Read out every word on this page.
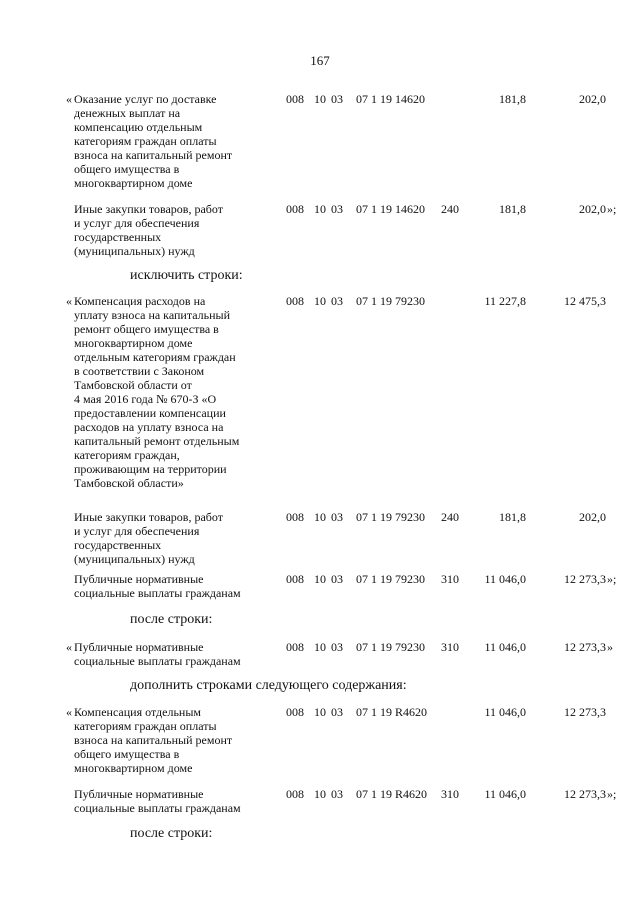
167
« Оказание услуг по доставке
денежных выплат на
компенсацию отдельным
категориям граждан оплаты
взноса на капитальный ремонт
общего имущества в
многоквартирном доме
008 10 03 07 1 19 14620	181,8	202,0
Иные закупки товаров, работ
и услуг для обеспечения
государственных
(муниципальных) нужд
008 10 03 07 1 19 14620 240	181,8	202,0 »;
исключить строки:
« Компенсация расходов на
уплату взноса на капитальный
ремонт общего имущества в
многоквартирном доме
отдельным категориям граждан
в соответствии с Законом
Тамбовской области от
4 мая 2016 года № 670-З «О
предоставлении компенсации
расходов на уплату взноса на
капитальный ремонт отдельным
категориям граждан,
проживающим на территории
Тамбовской области»
008 10 03 07 1 19 79230	11 227,8	12 475,3
Иные закупки товаров, работ
и услуг для обеспечения
государственных
(муниципальных) нужд
008 10 03 07 1 19 79230 240	181,8	202,0
Публичные нормативные
социальные выплаты гражданам
008 10 03 07 1 19 79230 310	11 046,0	12 273,3 »;
после строки:
« Публичные нормативные
социальные выплаты гражданам
008 10 03 07 1 19 79230 310	11 046,0	12 273,3 »
дополнить строками следующего содержания:
« Компенсация отдельным
категориям граждан оплаты
взноса на капитальный ремонт
общего имущества в
многоквартирном доме
008 10 03 07 1 19 R4620	11 046,0	12 273,3
Публичные нормативные
социальные выплаты гражданам
008 10 03 07 1 19 R4620 310	11 046,0	12 273,3 »;
после строки:
